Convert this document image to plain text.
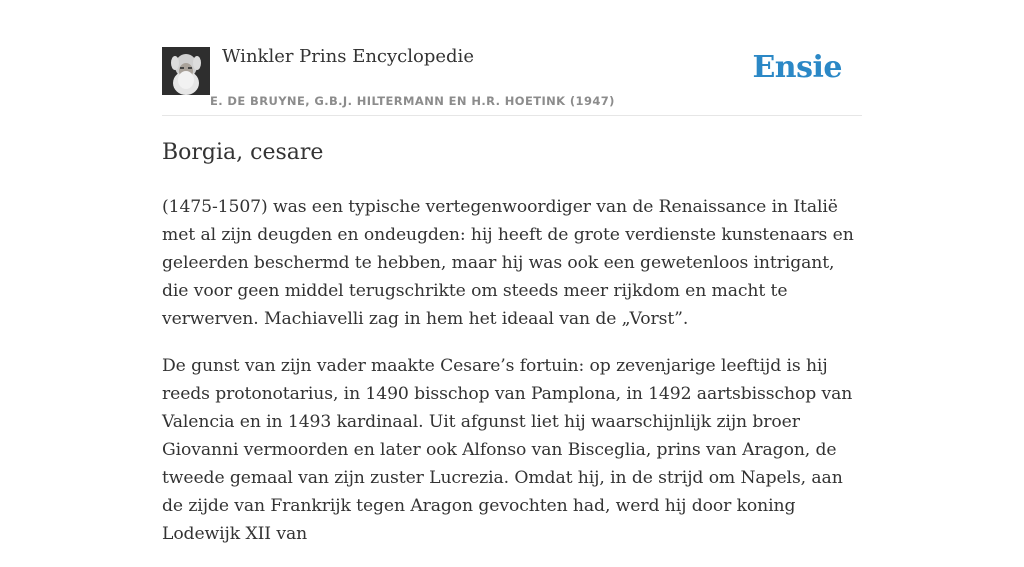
Winkler Prins Encyclopedie
E. DE BRUYNE, G.B.J. HILTERMANN EN H.R. HOETINK (1947)
Ensie
Borgia, cesare

(1475-1507) was een typische vertegenwoordiger van de Renaissance in Italië met al zijn deugden en ondeugden: hij heeft de grote verdienste kunstenaars en geleerden beschermd te hebben, maar hij was ook een gewetenloos intrigant, die voor geen middel terugschrikte om steeds meer rijkdom en macht te verwerven. Machiavelli zag in hem het ideaal van de „Vorst”.

De gunst van zijn vader maakte Cesare’s fortuin: op zevenjarige leeftijd is hij reeds protonotarius, in 1490 bisschop van Pamplona, in 1492 aartsbisschop van Valencia en in 1493 kardinaal. Uit afgunst liet hij waarschijnlijk zijn broer Giovanni vermoorden en later ook Alfonso van Bisceglia, prins van Aragon, de tweede gemaal van zijn zuster Lucrezia. Omdat hij, in de strijd om Napels, aan de zijde van Frankrijk tegen Aragon gevochten had, werd hij door koning Lodewijk XII van
